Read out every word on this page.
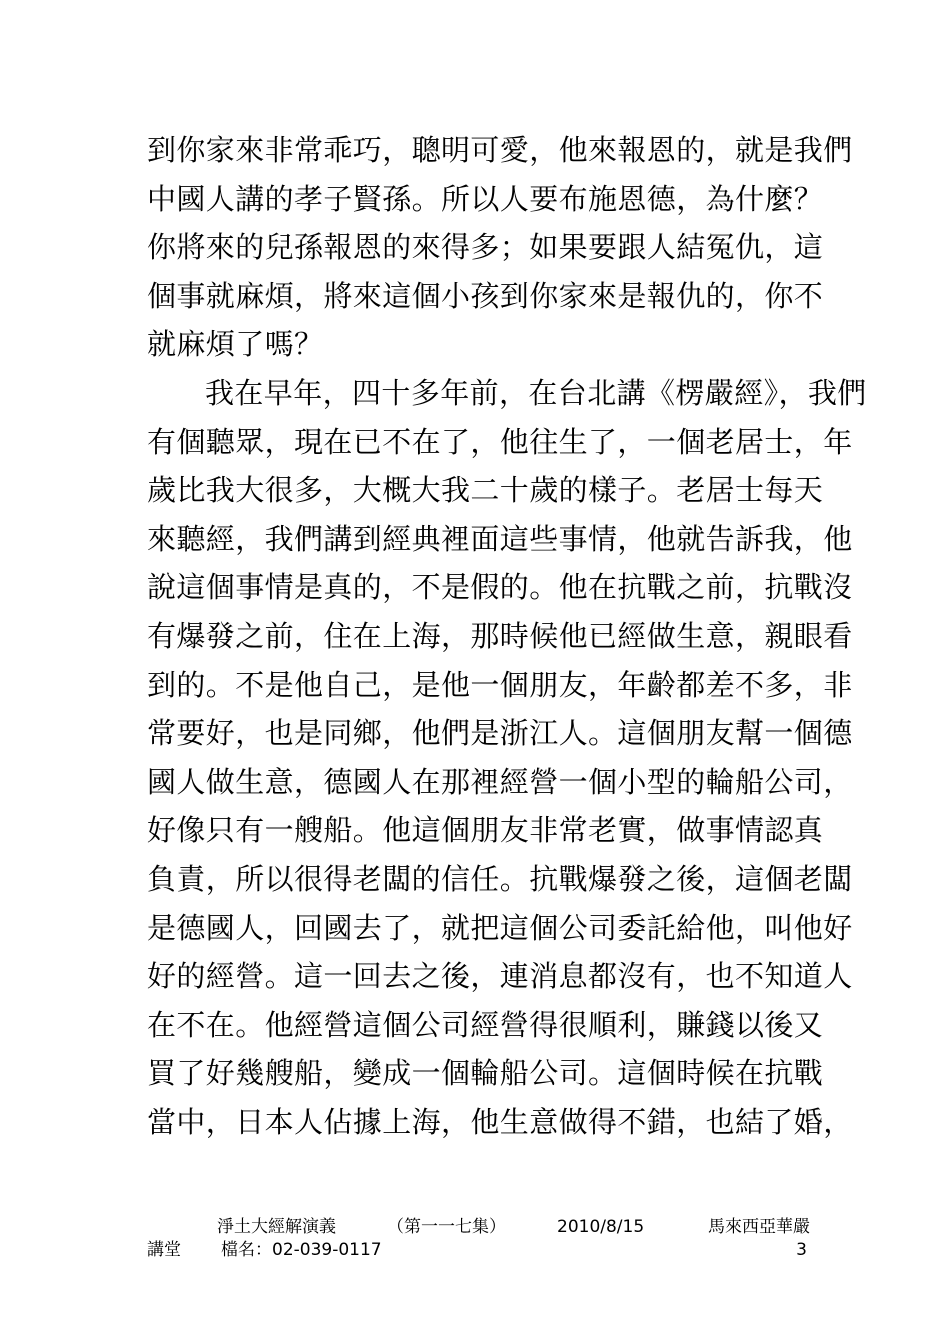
到你家來非常乖巧，聰明可愛，他來報恩的，就是我們
中國人講的孝子賢孫。所以人要布施恩德，為什麼？
你將來的兒孫報恩的來得多；如果要跟人結冤仇，這
個事就麻煩，將來這個小孩到你家來是報仇的，你不
就麻煩了嗎？
我在早年，四十多年前，在台北講《楞嚴經》，我們
有個聽眾，現在已不在了，他往生了，一個老居士，年
歲比我大很多，大概大我二十歲的樣子。老居士每天
來聽經，我們講到經典裡面這些事情，他就告訴我，他
說這個事情是真的，不是假的。他在抗戰之前，抗戰沒
有爆發之前，住在上海，那時候他已經做生意，親眼看
到的。不是他自己，是他一個朋友，年齡都差不多，非
常要好，也是同鄉，他們是浙江人。這個朋友幫一個德
國人做生意，德國人在那裡經營一個小型的輪船公司，
好像只有一艘船。他這個朋友非常老實，做事情認真
負責，所以很得老闆的信任。抗戰爆發之後，這個老闆
是德國人，回國去了，就把這個公司委託給他，叫他好
好的經營。這一回去之後，連消息都沒有，也不知道人
在不在。他經營這個公司經營得很順利，賺錢以後又
買了好幾艘船，變成一個輪船公司。這個時候在抗戰
當中，日本人佔據上海，他生意做得不錯，也結了婚，
淨土大經解演義	（第一一七集）	2010/8/15	馬來西亞華嚴
講堂 檔名：02-039-0117	3
